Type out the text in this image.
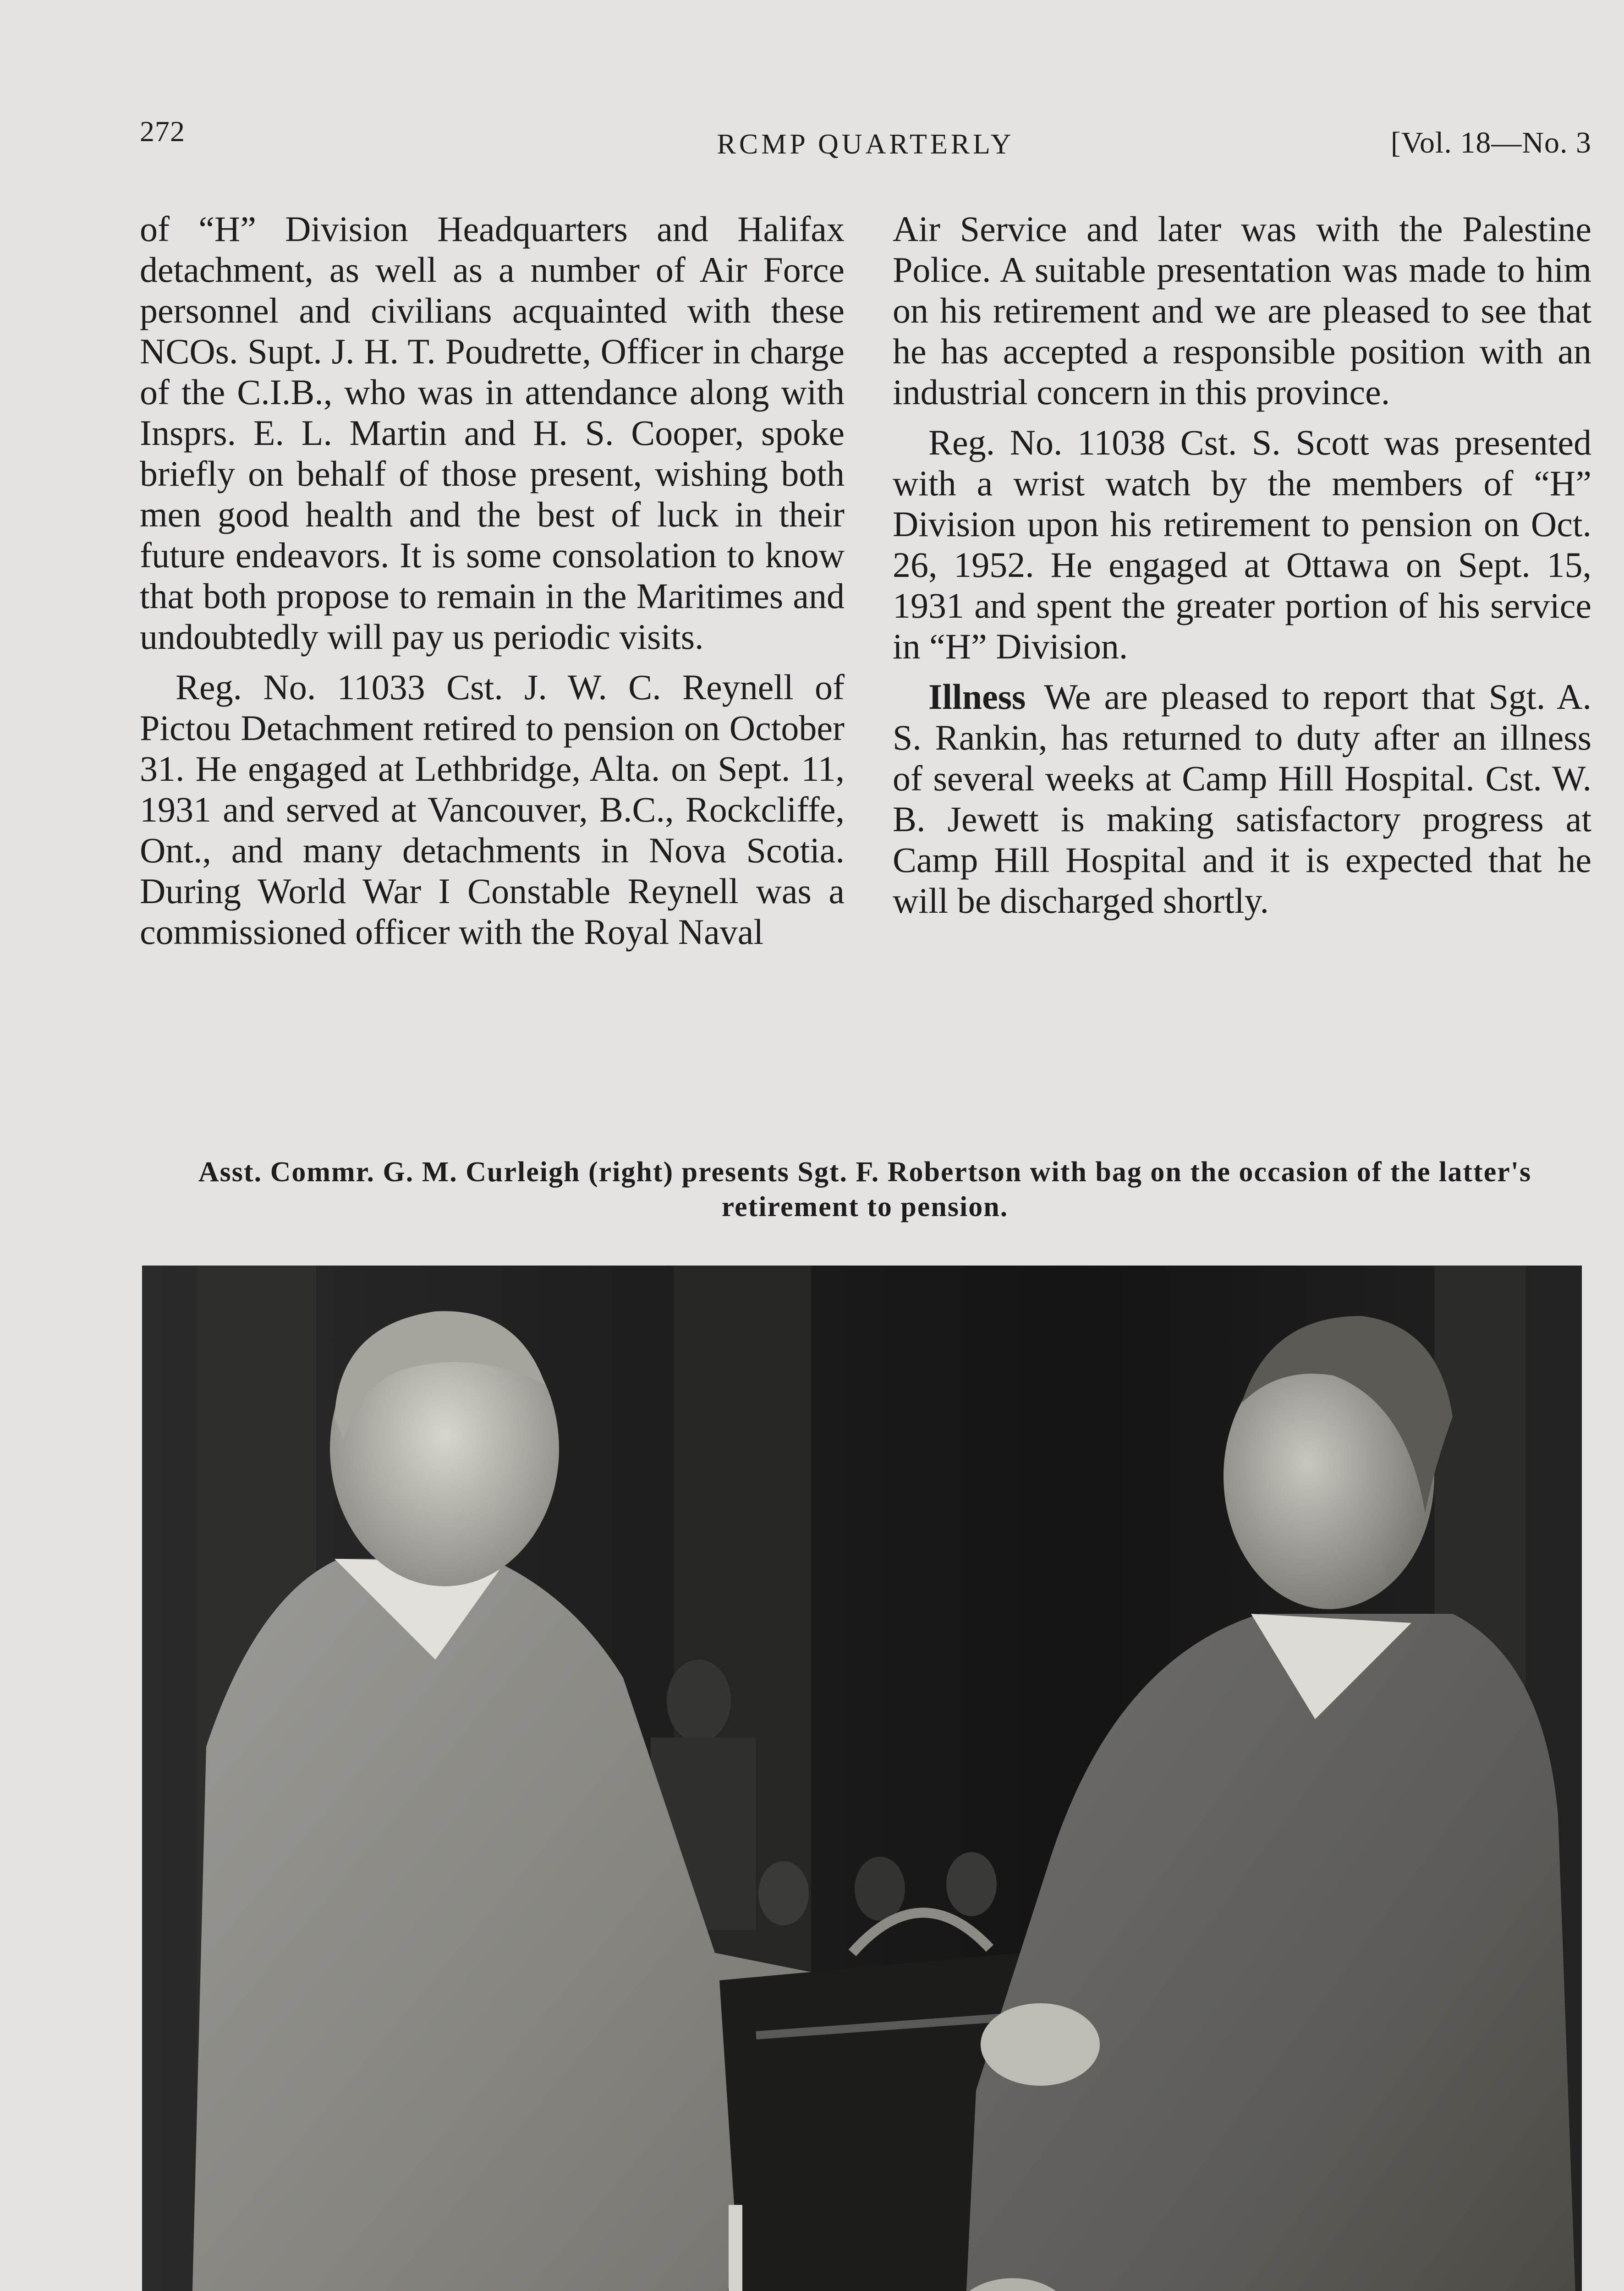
272	RCMP QUARTERLY	[Vol. 18—No. 3

of “H” Division Headquarters and Halifax detachment, as well as a number of Air Force personnel and civilians acquainted with these NCOs. Supt. J. H. T. Poudrette, Officer in charge of the C.I.B., who was in attendance along with Insprs. E. L. Martin and H. S. Cooper, spoke briefly on behalf of those present, wishing both men good health and the best of luck in their future endeavors. It is some consolation to know that both propose to remain in the Maritimes and undoubtedly will pay us periodic visits.

Reg. No. 11033 Cst. J. W. C. Reynell of Pictou Detachment retired to pension on October 31. He engaged at Lethbridge, Alta. on Sept. 11, 1931 and served at Vancouver, B.C., Rockcliffe, Ont., and many detachments in Nova Scotia. During World War I Constable Reynell was a commissioned officer with the Royal Naval

Air Service and later was with the Palestine Police. A suitable presentation was made to him on his retirement and we are pleased to see that he has accepted a responsible position with an industrial concern in this province.

Reg. No. 11038 Cst. S. Scott was presented with a wrist watch by the members of “H” Division upon his retirement to pension on Oct. 26, 1952. He engaged at Ottawa on Sept. 15, 1931 and spent the greater portion of his service in “H” Division.

Illness We are pleased to report that Sgt. A. S. Rankin, has returned to duty after an illness of several weeks at Camp Hill Hospital. Cst. W. B. Jewett is making satisfactory progress at Camp Hill Hospital and it is expected that he will be discharged shortly.

Asst. Commr. G. M. Curleigh (right) presents Sgt. F. Robertson with bag on the occasion of the latter's retirement to pension.
